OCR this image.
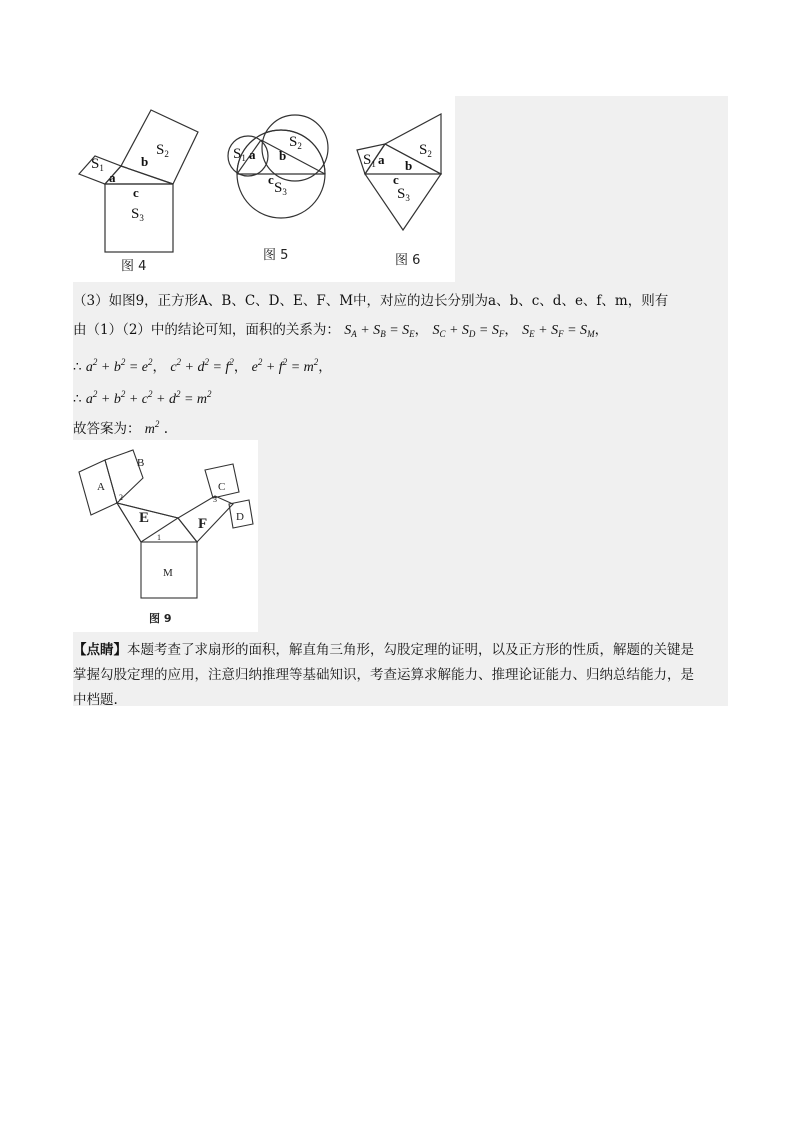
$S_1$
$S_2$
$S_3$
a
b
c
$S_1$
$S_2$
$S_3$
a b
c
$S_1$
$S_2$
$S_3$
a b
c
图 4
图 5	图 6
（3）如图9，正方形A、B、C、D、E、F、M中，对应的边长分别为a、b、c、d、e、f、m，则有
由（1）（2）中的结论可知，面积的关系为： $S_A + S_B = S_E$， $S_C + S_D = S_F$， $S_E + S_F = S_M$，
∴ $a^2 + b^2 = e^2$， $c^2 + d^2 = f^2$， $e^2 + f^2 = m^2$，
∴ $a^2 + b^2 + c^2 + d^2 = m^2$
故答案为： $m^2$ .
A
B
C
D
E	F
M
1
2	3
图 9
【点睛】本题考查了求扇形的面积，解直角三角形，勾股定理的证明，以及正方形的性质，解题的关键是
掌握勾股定理的应用，注意归纳推理等基础知识，考查运算求解能力、推理论证能力、归纳总结能力，是
中档题.
